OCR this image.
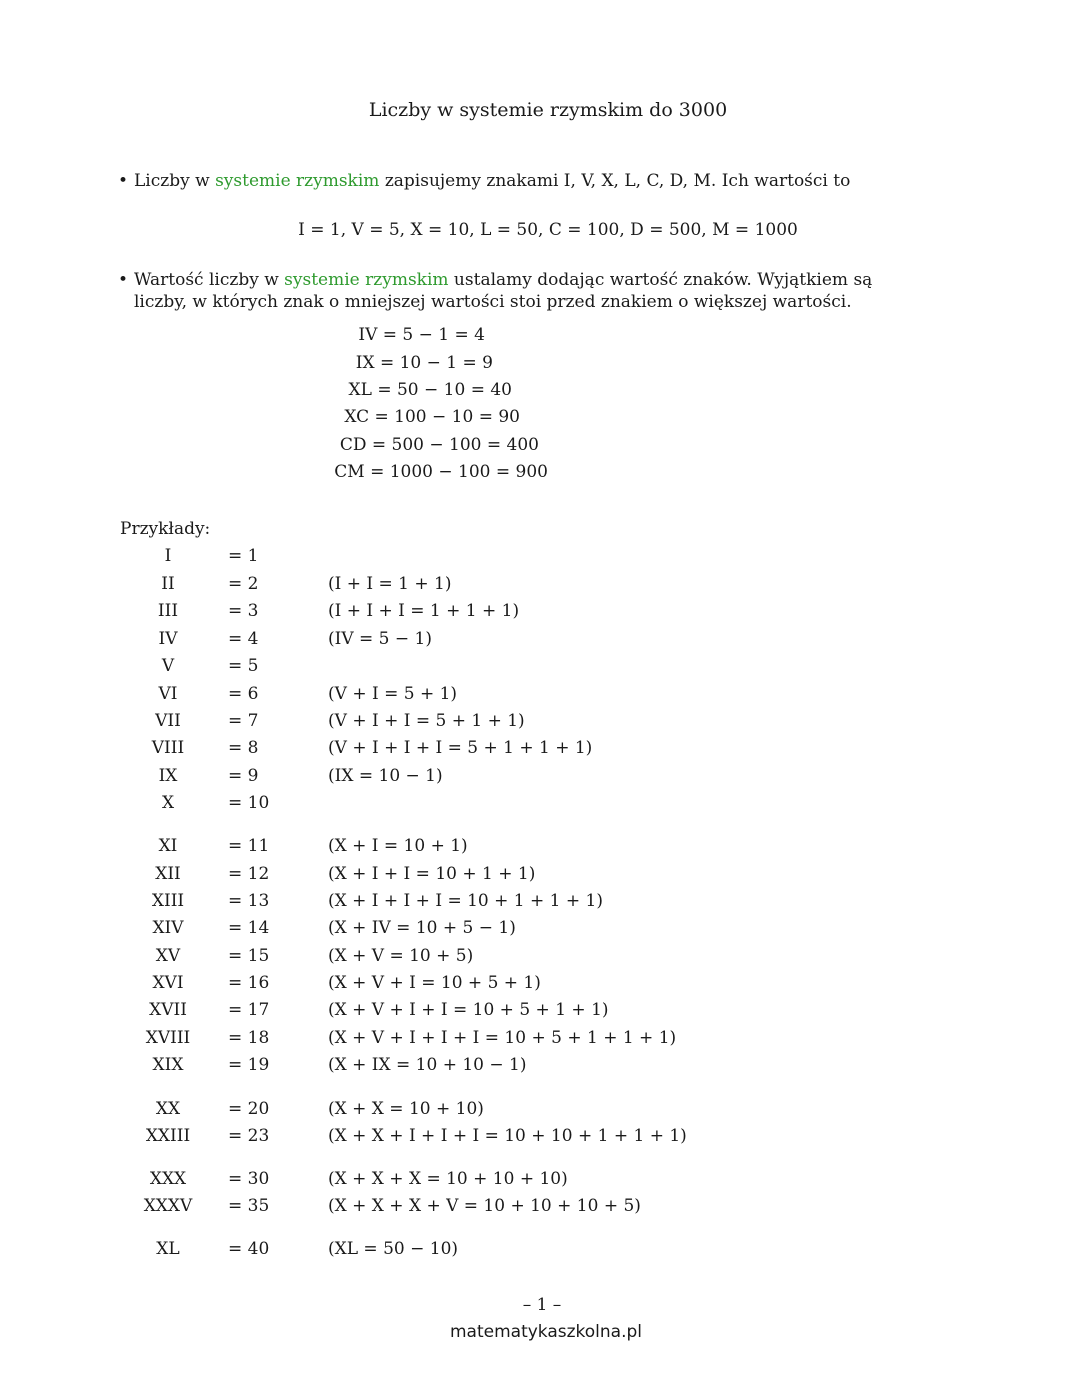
Liczby w systemie rzymskim do 3000
• Liczby w systemie rzymskim zapisujemy znakami I, V, X, L, C, D, M. Ich wartości to
I = 1, V = 5, X = 10, L = 50, C = 100, D = 500, M = 1000
• Wartość liczby w systemie rzymskim ustalamy dodając wartość znaków. Wyjątkiem są
liczby, w których znak o mniejszej wartości stoi przed znakiem o większej wartości.
IV = 5 − 1 = 4
IX = 10 − 1 = 9
XL = 50 − 10 = 40
XC = 100 − 10 = 90
CD = 500 − 100 = 400
CM = 1000 − 100 = 900
Przykłady:
I	= 1
II	= 2	(I + I = 1 + 1)
III	= 3	(I + I + I = 1 + 1 + 1)
IV	= 4	(IV = 5 − 1)
V	= 5
VI	= 6	(V + I = 5 + 1)
VII	= 7	(V + I + I = 5 + 1 + 1)
VIII	= 8	(V + I + I + I = 5 + 1 + 1 + 1)
IX	= 9	(IX = 10 − 1)
X	= 10
XI	= 11	(X + I = 10 + 1)
XII	= 12	(X + I + I = 10 + 1 + 1)
XIII	= 13	(X + I + I + I = 10 + 1 + 1 + 1)
XIV	= 14	(X + IV = 10 + 5 − 1)
XV	= 15	(X + V = 10 + 5)
XVI	= 16	(X + V + I = 10 + 5 + 1)
XVII	= 17	(X + V + I + I = 10 + 5 + 1 + 1)
XVIII	= 18	(X + V + I + I + I = 10 + 5 + 1 + 1 + 1)
XIX	= 19	(X + IX = 10 + 10 − 1)
XX	= 20	(X + X = 10 + 10)
XXIII	= 23	(X + X + I + I + I = 10 + 10 + 1 + 1 + 1)
XXX	= 30	(X + X + X = 10 + 10 + 10)
XXXV	= 35	(X + X + X + V = 10 + 10 + 10 + 5)
XL	= 40	(XL = 50 − 10)
– 1 –
matematykaszkolna.pl
